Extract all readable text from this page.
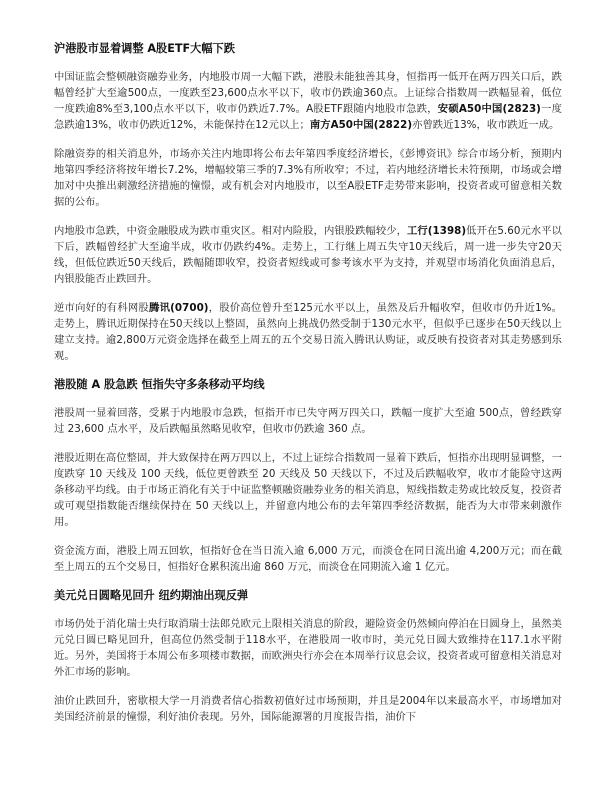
沪港股市显着调整 A股ETF大幅下跌

中国证监会整顿融资融券业务，内地股市周一大幅下跌，港股未能独善其身，恒指再一低开在两万四关口后，跌幅曾经扩大至逾500点，一度跌至23,600点水平以下，收市仍跌逾360点。上证综合指数周一跌幅显着，低位一度跌逾8%至3,100点水平以下，收市仍跌近7.7%。A股ETF跟随内地股市急跌，安硕A50中国(2823)一度急跌逾13%，收市仍跌近12%，未能保持在12元以上；南方A50中国(2822)亦曾跌近13%，收市跌近一成。

除融资券的相关消息外，市场亦关注内地即将公布去年第四季度经济增长，《彭博资讯》综合市场分析，预期内地第四季经济将按年增长7.2%，增幅较第三季的7.3%有所收窄；不过，若内地经济增长未符预期，市场或会增加对中央推出刺激经济措施的憧憬，或有机会对内地股市，以至A股ETF走势带来影响，投资者或可留意相关数据的公布。

内地股市急跌，中资金融股成为跌市重灾区。相对内险股，内银股跌幅较少，工行(1398)低开在5.60元水平以下后，跌幅曾经扩大至逾半成，收市仍跌约4%。走势上，工行继上周五失守10天线后，周一进一步失守20天线，但低位跌近50天线后，跌幅随即收窄，投资者短线或可参考该水平为支持，并观望市场消化负面消息后，内银股能否止跌回升。

逆市向好的有科网股腾讯(0700)，股价高位曾升至125元水平以上，虽然及后升幅收窄，但收市仍升近1%。走势上，腾讯近期保持在50天线以上整固，虽然向上挑战仍然受制于130元水平，但似乎已逐步在50天线以上建立支持。逾2,800万元资金选择在截至上周五的五个交易日流入腾讯认购证，或反映有投资者对其走势感到乐观。

港股随 A 股急跌 恒指失守多条移动平均线

港股周一显着回落，受累于内地股市急跌，恒指开市已失守两万四关口，跌幅一度扩大至逾 500点，曾经跌穿过 23,600 点水平，及后跌幅虽然略见收窄，但收市仍跌逾 360 点。

港股近期在高位整固，并大致保持在两万四以上，不过上证综合指数周一显着下跌后，恒指亦出现明显调整，一度跌穿 10 天线及 100 天线，低位更曾跌至 20 天线及 50 天线以下，不过及后跌幅收窄，收市才能险守这两条移动平均线。由于市场正消化有关于中证监整顿融资融券业务的相关消息，短线指数走势或比较反复，投资者或可观望指数能否继续保持在 50 天线以上，并留意内地公布的去年第四季经济数据，能否为大市带来刺激作用。

资金流方面，港股上周五回软，恒指好仓在当日流入逾 6,000 万元，而淡仓在同日流出逾 4,200万元；而在截至上周五的五个交易日，恒指好仓累积流出逾 860 万元，而淡仓在同期流入逾 1 亿元。

美元兑日圆略见回升 纽约期油出现反弹

市场仍处于消化瑞士央行取消瑞士法郎兑欧元上限相关消息的阶段，避险资金仍然倾向停泊在日圆身上，虽然美元兑日圆已略见回升，但高位仍然受制于118水平，在港股周一收市时，美元兑日圆大致维持在117.1水平附近。另外，美国将于本周公布多项楼市数据，而欧洲央行亦会在本周举行议息会议，投资者或可留意相关消息对外汇市场的影响。

油价止跌回升，密歇根大学一月消费者信心指数初值好过市场预期，并且是2004年以来最高水平，市场增加对美国经济前景的憧憬，利好油价表现。另外，国际能源署的月度报告指，油价下
